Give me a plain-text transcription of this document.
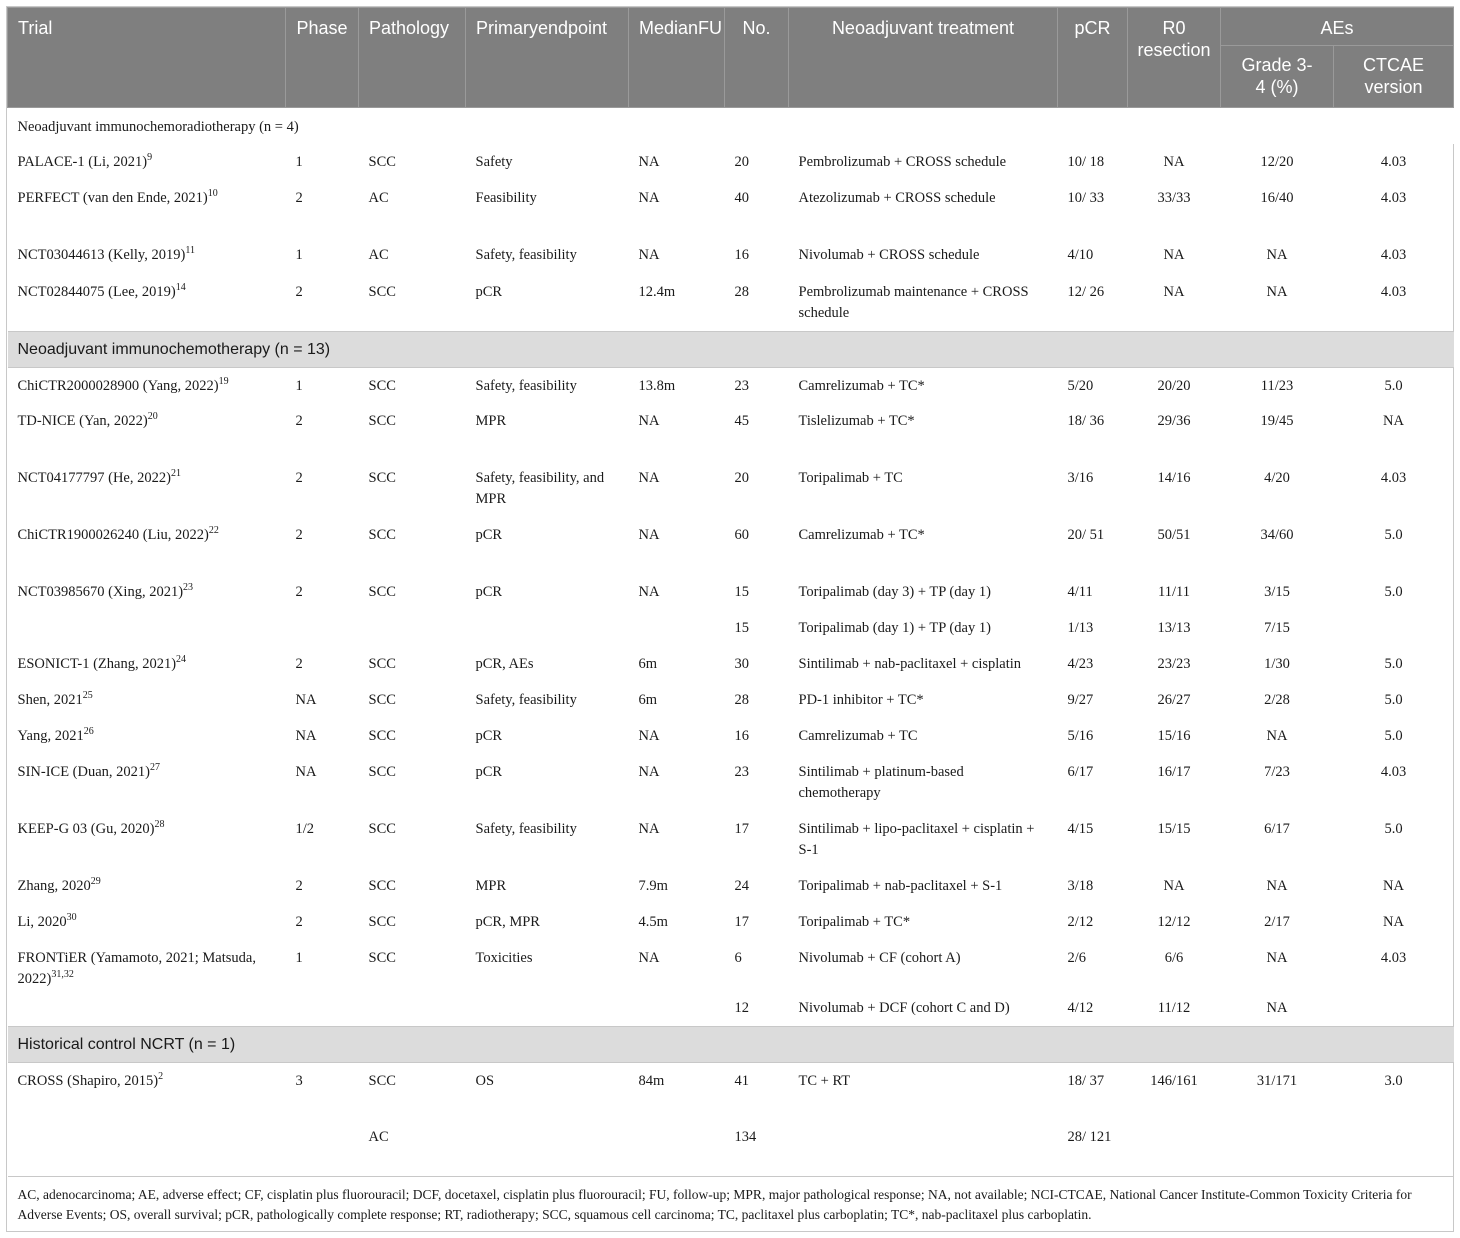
Trial	Phase	Pathology	Primaryendpoint	MedianFU	No.	Neoadjuvant treatment	pCR	R0 resection	AEs	
									Grade 3-4 (%)	CTCAE version
Neoadjuvant immunochemoradiotherapy (n = 4)										
PALACE-1 (Li, 2021)$^9$	1	SCC	Safety	NA	20	Pembrolizumab + CROSS schedule	10/ 18	NA	12/20	4.03
PERFECT (van den Ende, 2021)$^{10}$	2	AC	Feasibility	NA	40	Atezolizumab + CROSS schedule	10/ 33	33/33	16/40	4.03
NCT03044613 (Kelly, 2019)$^{11}$	1	AC	Safety, feasibility	NA	16	Nivolumab + CROSS schedule	4/10	NA	NA	4.03
NCT02844075 (Lee, 2019)$^{14}$	2	SCC	pCR	12.4m	28	Pembrolizumab maintenance + CROSS schedule	12/ 26	NA	NA	4.03
Neoadjuvant immunochemotherapy (n = 13)										
ChiCTR2000028900 (Yang, 2022)$^{19}$	1	SCC	Safety, feasibility	13.8m	23	Camrelizumab + TC*	5/20	20/20	11/23	5.0
TD-NICE (Yan, 2022)$^{20}$	2	SCC	MPR	NA	45	Tislelizumab + TC*	18/ 36	29/36	19/45	NA
NCT04177797 (He, 2022)$^{21}$	2	SCC	Safety, feasibility, and MPR	NA	20	Toripalimab + TC	3/16	14/16	4/20	4.03
ChiCTR1900026240 (Liu, 2022)$^{22}$	2	SCC	pCR	NA	60	Camrelizumab + TC*	20/ 51	50/51	34/60	5.0
NCT03985670 (Xing, 2021)$^{23}$	2	SCC	pCR	NA	15	Toripalimab (day 3) + TP (day 1)	4/11	11/11	3/15	5.0
					15	Toripalimab (day 1) + TP (day 1)	1/13	13/13	7/15	
ESONICT-1 (Zhang, 2021)$^{24}$	2	SCC	pCR, AEs	6m	30	Sintilimab + nab-paclitaxel + cisplatin	4/23	23/23	1/30	5.0
Shen, 2021$^{25}$	NA	SCC	Safety, feasibility	6m	28	PD-1 inhibitor + TC*	9/27	26/27	2/28	5.0
Yang, 2021$^{26}$	NA	SCC	pCR	NA	16	Camrelizumab + TC	5/16	15/16	NA	5.0
SIN-ICE (Duan, 2021)$^{27}$	NA	SCC	pCR	NA	23	Sintilimab + platinum-based chemotherapy	6/17	16/17	7/23	4.03
KEEP-G 03 (Gu, 2020)$^{28}$	1/2	SCC	Safety, feasibility	NA	17	Sintilimab + lipo-paclitaxel + cisplatin + S-1	4/15	15/15	6/17	5.0
Zhang, 2020$^{29}$	2	SCC	MPR	7.9m	24	Toripalimab + nab-paclitaxel + S-1	3/18	NA	NA	NA
Li, 2020$^{30}$	2	SCC	pCR, MPR	4.5m	17	Toripalimab + TC*	2/12	12/12	2/17	NA
FRONTiER (Yamamoto, 2021; Matsuda, 2022)$^{31,32}$	1	SCC	Toxicities	NA	6	Nivolumab + CF (cohort A)	2/6	6/6	NA	4.03
					12	Nivolumab + DCF (cohort C and D)	4/12	11/12	NA	
Historical control NCRT (n = 1)										
CROSS (Shapiro, 2015)$^2$	3	SCC	OS	84m	41	TC + RT	18/ 37	146/161	31/171	3.0
		AC			134		28/ 121			
AC, adenocarcinoma; AE, adverse effect; CF, cisplatin plus fluorouracil; DCF, docetaxel, cisplatin plus fluorouracil; FU, follow-up; MPR, major pathological response; NA, not available; NCI-CTCAE, National Cancer Institute-Common Toxicity Criteria for Adverse Events; OS, overall survival; pCR, pathologically complete response; RT, radiotherapy; SCC, squamous cell carcinoma; TC, paclitaxel plus carboplatin; TC*, nab-paclitaxel plus carboplatin.										
